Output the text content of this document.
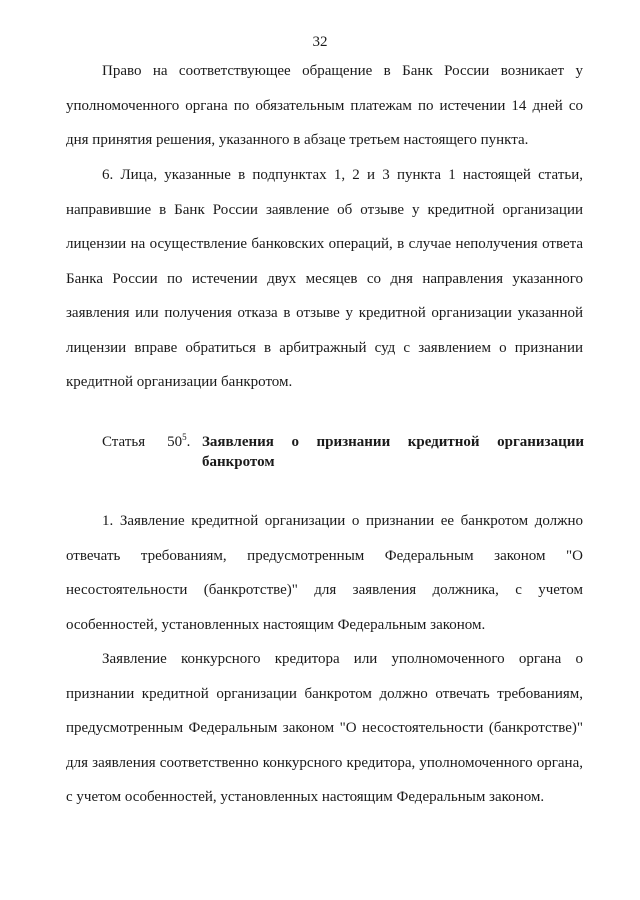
32

Право на соответствующее обращение в Банк России возникает у уполномоченного органа по обязательным платежам по истечении 14 дней со дня принятия решения, указанного в абзаце третьем настоящего пункта.

6. Лица, указанные в подпунктах 1, 2 и 3 пункта 1 настоящей статьи, направившие в Банк России заявление об отзыве у кредитной организации лицензии на осуществление банковских операций, в случае неполучения ответа Банка России по истечении двух месяцев со дня направления указанного заявления или получения отказа в отзыве у кредитной организации указанной лицензии вправе обратиться в арбитражный суд с заявлением о признании кредитной организации банкротом.

Статья $50^5$. Заявления о признании кредитной организации банкротом

1. Заявление кредитной организации о признании ее банкротом должно отвечать требованиям, предусмотренным Федеральным законом "О несостоятельности (банкротстве)" для заявления должника, с учетом особенностей, установленных настоящим Федеральным законом.

Заявление конкурсного кредитора или уполномоченного органа о признании кредитной организации банкротом должно отвечать требованиям, предусмотренным Федеральным законом "О несостоятельности (банкротстве)" для заявления соответственно конкурсного кредитора, уполномоченного органа, с учетом особенностей, установленных настоящим Федеральным законом.
